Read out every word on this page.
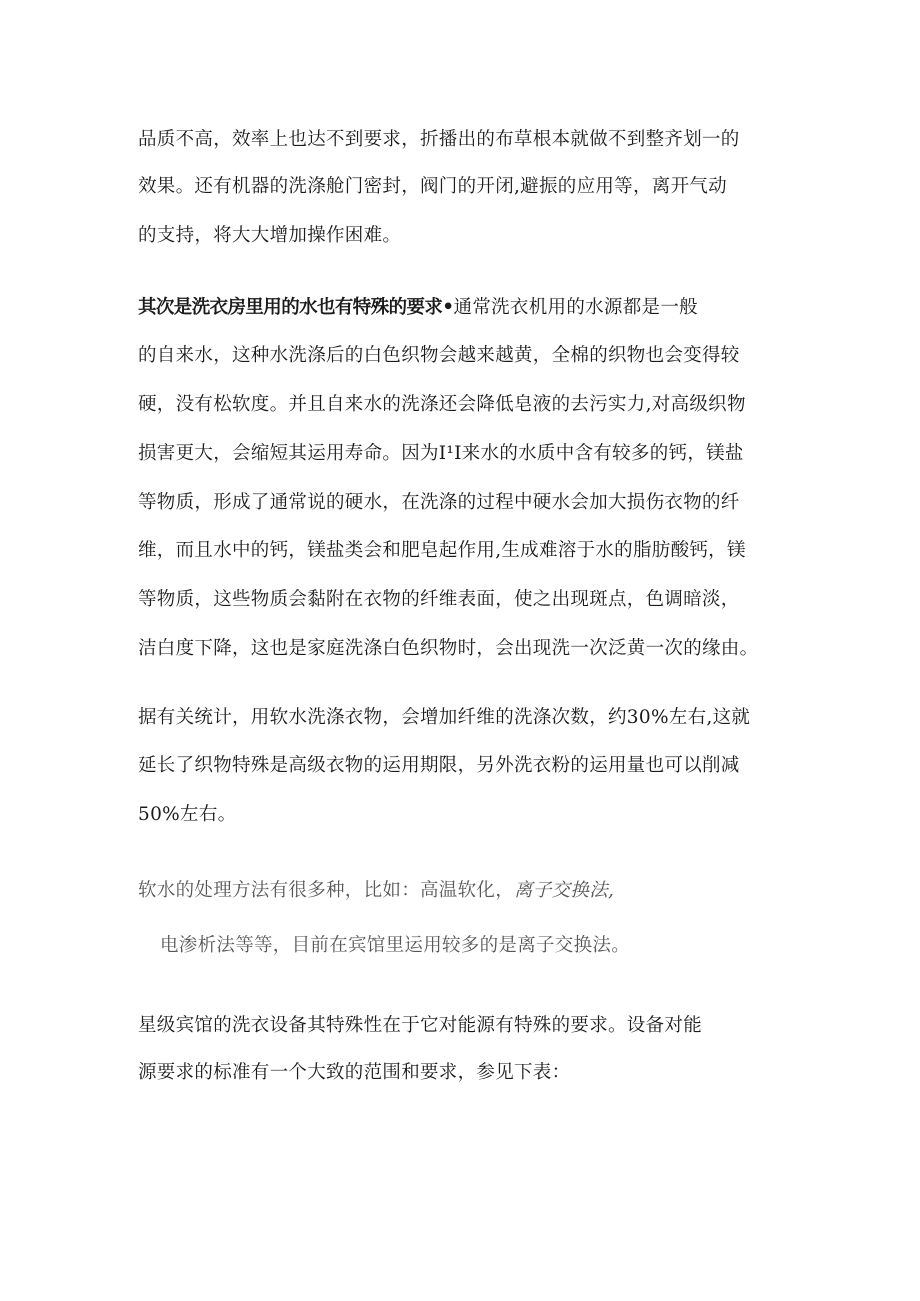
品质不高，效率上也达不到要求，折播出的布草根本就做不到整齐划一的
效果。还有机器的洗涤舱门密封，阀门的开闭,避振的应用等，离开气动
的支持，将大大增加操作困难。
其次是洗衣房里用的水也有特殊的要求•通常洗衣机用的水源都是一般
的自来水，这种水洗涤后的白色织物会越来越黄，全棉的织物也会变得较
硬，没有松软度。并且自来水的洗涤还会降低皂液的去污实力,对高级织物
损害更大，会缩短其运用寿命。因为I¹I来水的水质中含有较多的钙，镁盐
等物质，形成了通常说的硬水，在洗涤的过程中硬水会加大损伤衣物的纤
维，而且水中的钙，镁盐类会和肥皂起作用,生成难溶于水的脂肪酸钙，镁
等物质，这些物质会黏附在衣物的纤维表面，使之出现斑点，色调暗淡，
洁白度下降，这也是家庭洗涤白色织物时，会出现洗一次泛黄一次的缘由。
据有关统计，用软水洗涤衣物，会增加纤维的洗涤次数，约30%左右,这就
延长了织物特殊是高级衣物的运用期限，另外洗衣粉的运用量也可以削减
50%左右。
软水的处理方法有很多种，比如：高温软化，离子交换法,
电渗析法等等，目前在宾馆里运用较多的是离子交换法。
星级宾馆的洗衣设备其特殊性在于它对能源有特殊的要求。设备对能
源要求的标准有一个大致的范围和要求，参见下表：
